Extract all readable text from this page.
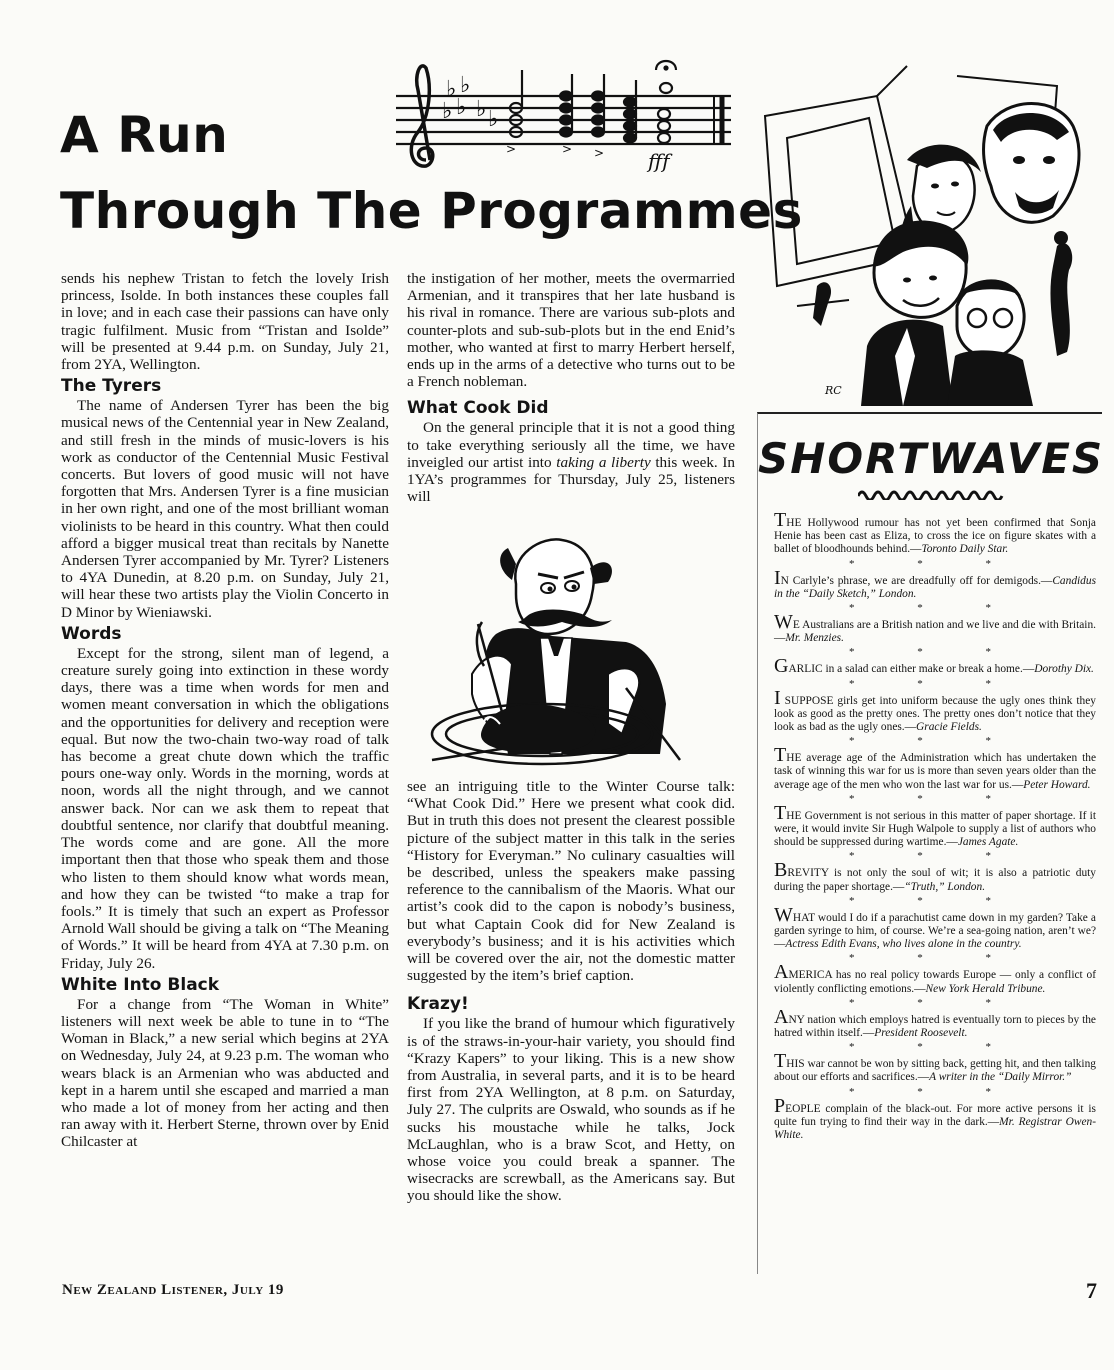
A Run
Through The Programmes
♭ ♭
♭ ♭ ♭ ♭
>	> > fff
RC

sends his nephew Tristan to fetch the lovely Irish princess, Isolde. In both instances these couples fall in love; and in each case their passions can have only tragic fulfilment. Music from “Tristan and Isolde” will be presented at 9.44 p.m. on Sunday, July 21, from 2YA, Wellington.

The Tyrers

The name of Andersen Tyrer has been the big musical news of the Centennial year in New Zealand, and still fresh in the minds of music-lovers is his work as conductor of the Centennial Music Festival concerts. But lovers of good music will not have forgotten that Mrs. Andersen Tyrer is a fine musician in her own right, and one of the most brilliant woman violinists to be heard in this country. What then could afford a bigger musical treat than recitals by Nanette Andersen Tyrer accompanied by Mr. Tyrer? Listeners to 4YA Dunedin, at 8.20 p.m. on Sunday, July 21, will hear these two artists play the Violin Concerto in D Minor by Wieniawski.

Words

Except for the strong, silent man of legend, a creature surely going into extinction in these wordy days, there was a time when words for men and women meant conversation in which the obligations and the opportunities for delivery and reception were equal. But now the two-chain two-way road of talk has become a great chute down which the traffic pours one-way only. Words in the morning, words at noon, words all the night through, and we cannot answer back. Nor can we ask them to repeat that doubtful sentence, nor clarify that doubtful meaning. The words come and are gone. All the more important then that those who speak them and those who listen to them should know what words mean, and how they can be twisted “to make a trap for fools.” It is timely that such an expert as Professor Arnold Wall should be giving a talk on “The Meaning of Words.” It will be heard from 4YA at 7.30 p.m. on Friday, July 26.

White Into Black

For a change from “The Woman in White” listeners will next week be able to tune in to “The Woman in Black,” a new serial which begins at 2YA on Wednesday, July 24, at 9.23 p.m. The woman who wears black is an Armenian who was abducted and kept in a harem until she escaped and married a man who made a lot of money from her acting and then ran away with it. Herbert Sterne, thrown over by Enid Chilcaster at

the instigation of her mother, meets the overmarried Armenian, and it transpires that her late husband is his rival in romance. There are various sub-plots and counter-plots and sub-sub-plots but in the end Enid’s mother, who wanted at first to marry Herbert herself, ends up in the arms of a detective who turns out to be a French nobleman.

What Cook Did

On the general principle that it is not a good thing to take everything seriously all the time, we have inveigled our artist into taking a liberty this week. In 1YA’s programmes for Thursday, July 25, listeners will

see an intriguing title to the Winter Course talk: “What Cook Did.” Here we present what cook did. But in truth this does not present the clearest possible picture of the subject matter in this talk in the series “History for Everyman.” No culinary casualties will be described, unless the speakers make passing reference to the cannibalism of the Maoris. What our artist’s cook did to the capon is nobody’s business, but what Captain Cook did for New Zealand is everybody’s business; and it is his activities which will be covered over the air, not the domestic matter suggested by the item’s brief caption.

Krazy!

If you like the brand of humour which figuratively is of the straws-in-your-hair variety, you should find “Krazy Kapers” to your liking. This is a new show from Australia, in several parts, and it is to be heard first from 2YA Wellington, at 8 p.m. on Saturday, July 27. The culprits are Oswald, who sounds as if he sucks his moustache while he talks, Jock McLaughlan, who is a braw Scot, and Hetty, on whose voice you could break a spanner. The wisecracks are screwball, as the Americans say. But you should like the show.

SHORTWAVES
THE Hollywood rumour has not yet been confirmed that Sonja Henie has been cast as Eliza, to cross the ice on figure skates with a ballet of bloodhounds behind.—Toronto Daily Star.
* * *
IN Carlyle’s phrase, we are dreadfully off for demigods.—Candidus in the “Daily Sketch,” London.
* * *
WE Australians are a British nation and we live and die with Britain.—Mr. Menzies.
* * *
GARLIC in a salad can either make or break a home.—Dorothy Dix.
* * *
I SUPPOSE girls get into uniform because the ugly ones think they look as good as the pretty ones. The pretty ones don’t notice that they look as bad as the ugly ones.—Gracie Fields.
* * *
THE average age of the Administration which has undertaken the task of winning this war for us is more than seven years older than the average age of the men who won the last war for us.—Peter Howard.
* * *
THE Government is not serious in this matter of paper shortage. If it were, it would invite Sir Hugh Walpole to supply a list of authors who should be suppressed during wartime.—James Agate.
* * *
BREVITY is not only the soul of wit; it is also a patriotic duty during the paper shortage.—“Truth,” London.
* * *
WHAT would I do if a parachutist came down in my garden? Take a garden syringe to him, of course. We’re a sea-going nation, aren’t we?—Actress Edith Evans, who lives alone in the country.
* * *
AMERICA has no real policy towards Europe — only a conflict of violently conflicting emotions.—New York Herald Tribune.
* * *
ANY nation which employs hatred is eventually torn to pieces by the hatred within itself.—President Roosevelt.
* * *
THIS war cannot be won by sitting back, getting hit, and then talking about our efforts and sacrifices.—A writer in the “Daily Mirror.”
* * *
PEOPLE complain of the black-out. For more active persons it is quite fun trying to find their way in the dark.—Mr. Registrar Owen-White.
New Zealand Listener, July 19	7
